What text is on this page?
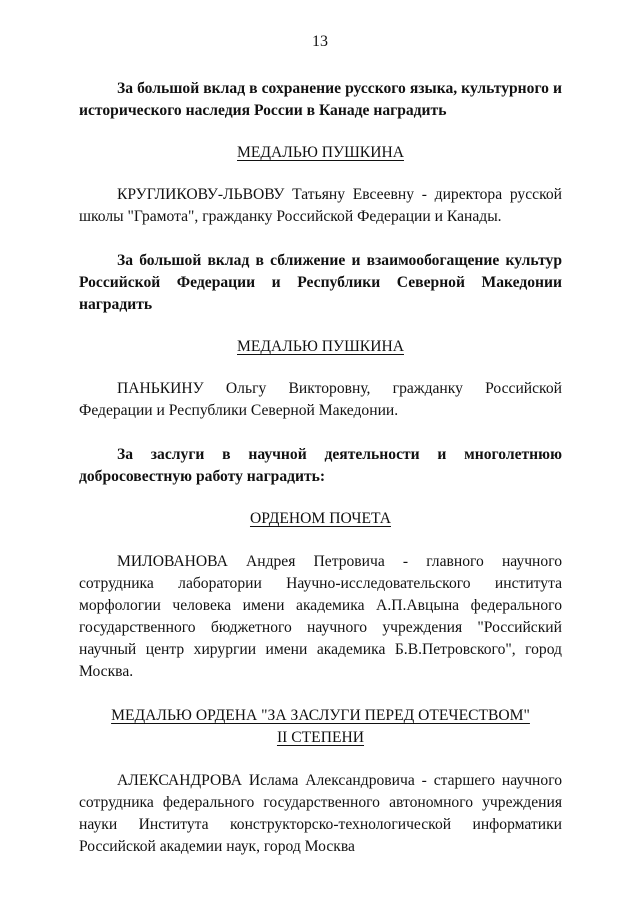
13

За большой вклад в сохранение русского языка, культурного и исторического наследия России в Канаде наградить

МЕДАЛЬЮ ПУШКИНА

КРУГЛИКОВУ-ЛЬВОВУ Татьяну Евсеевну - директора русской школы "Грамота", гражданку Российской Федерации и Канады.

За большой вклад в сближение и взаимообогащение культур Российской Федерации и Республики Северной Македонии наградить

МЕДАЛЬЮ ПУШКИНА

ПАНЬКИНУ Ольгу Викторовну, гражданку Российской Федерации и Республики Северной Македонии.

За заслуги в научной деятельности и многолетнюю добросовестную работу наградить:

ОРДЕНОМ ПОЧЕТА

МИЛОВАНОВА Андрея Петровича - главного научного сотрудника лаборатории Научно-исследовательского института морфологии человека имени академика А.П.Авцына федерального государственного бюджетного научного учреждения "Российский научный центр хирургии имени академика Б.В.Петровского", город Москва.

МЕДАЛЬЮ ОРДЕНА "ЗА ЗАСЛУГИ ПЕРЕД ОТЕЧЕСТВОМ"
II СТЕПЕНИ

АЛЕКСАНДРОВА Ислама Александровича - старшего научного сотрудника федерального государственного автономного учреждения науки Института конструкторско-технологической информатики Российской академии наук, город Москва
